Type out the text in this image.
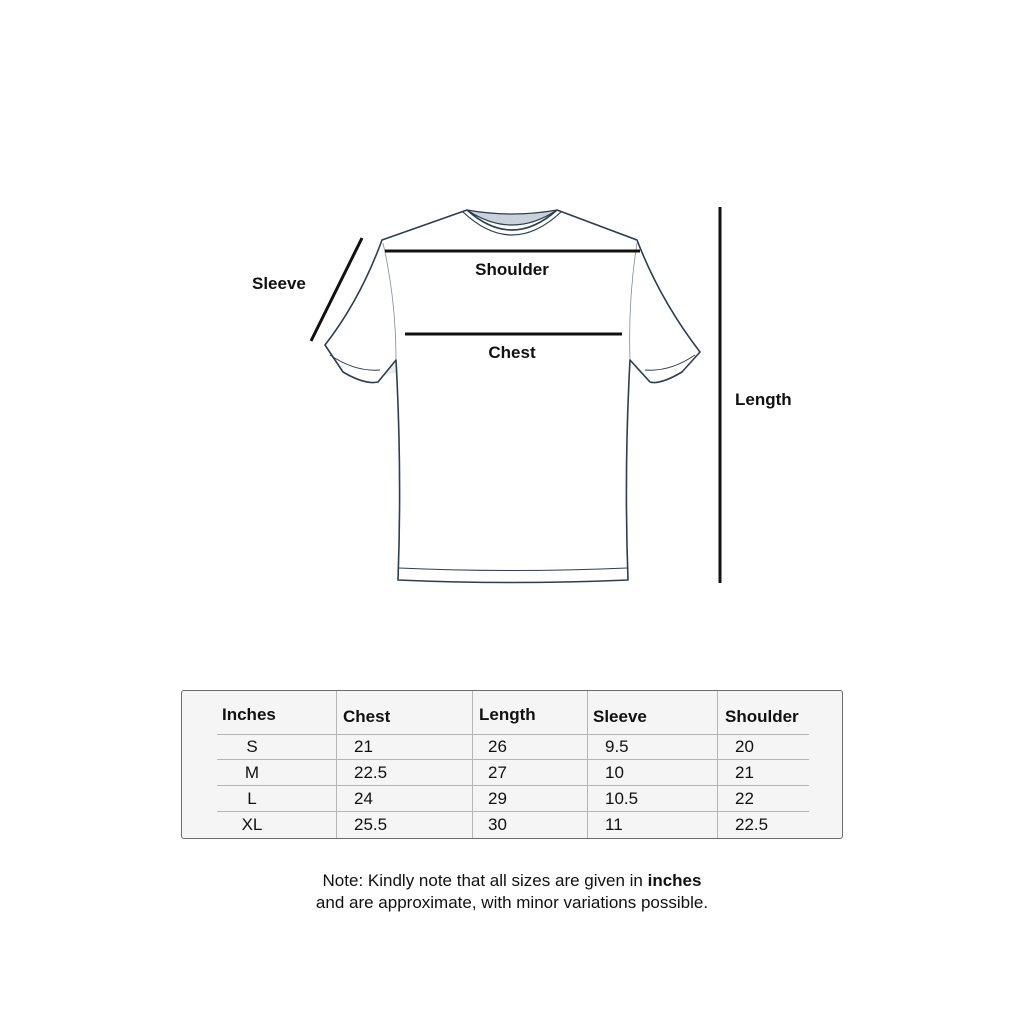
Shoulder
Chest
Sleeve
Length
Inches	Chest	Length	Sleeve	Shoulder
S	21	26	9.5	20
M	22.5	27	10	21
L	24	29	10.5	22
XL	25.5	30	11	22.5
Note: Kindly note that all sizes are given in inches
and are approximate, with minor variations possible.
